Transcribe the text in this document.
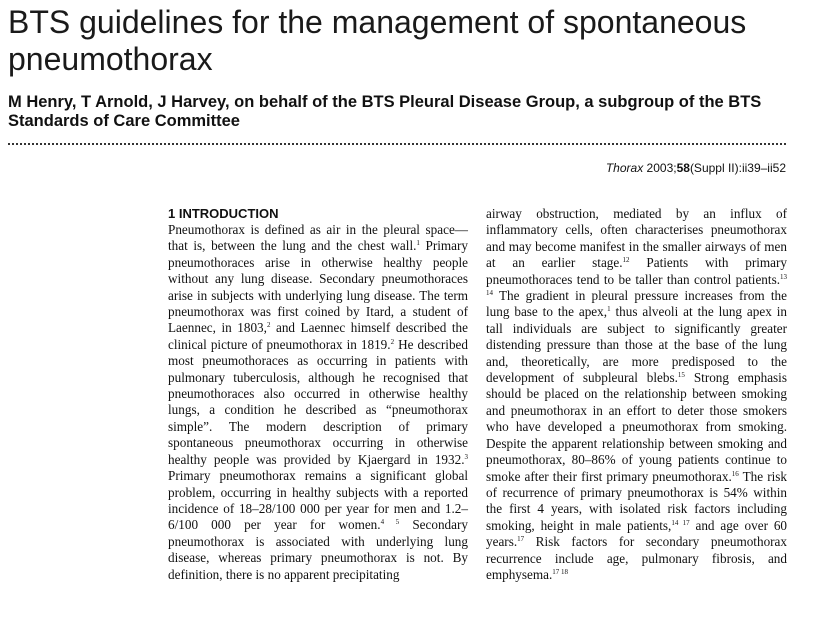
BTS guidelines for the management of spontaneous pneumothorax
M Henry, T Arnold, J Harvey, on behalf of the BTS Pleural Disease Group, a subgroup of the BTS Standards of Care Committee
Thorax 2003;58(Suppl II):ii39–ii52
1 INTRODUCTION

Pneumothorax is defined as air in the pleural space—that is, between the lung and the chest wall.$^1$ Primary pneumothoraces arise in otherwise healthy people without any lung disease. Secondary pneumothoraces arise in subjects with underlying lung disease. The term pneumothorax was first coined by Itard, a student of Laennec, in 1803,$^2$ and Laennec himself described the clinical picture of pneumothorax in 1819.$^2$ He described most pneumothoraces as occurring in patients with pulmonary tuberculosis, although he recognised that pneumothoraces also occurred in otherwise healthy lungs, a condition he described as “pneumothorax simple”. The modern description of primary spontaneous pneumothorax occurring in otherwise healthy people was provided by Kjaergard in 1932.$^3$ Primary pneumothorax remains a significant global problem, occurring in healthy subjects with a reported incidence of 18–28/100 000 per year for men and 1.2–6/100 000 per year for women.$^{4 5}$ Secondary pneumothorax is associated with underlying lung disease, whereas primary pneumothorax is not. By definition, there is no apparent precipitating

airway obstruction, mediated by an influx of inflammatory cells, often characterises pneumothorax and may become manifest in the smaller airways of men at an earlier stage.$^{12}$ Patients with primary pneumothoraces tend to be taller than control patients.$^{13 14}$ The gradient in pleural pressure increases from the lung base to the apex,$^1$ thus alveoli at the lung apex in tall individuals are subject to significantly greater distending pressure than those at the base of the lung and, theoretically, are more predisposed to the development of subpleural blebs.$^{15}$ Strong emphasis should be placed on the relationship between smoking and pneumothorax in an effort to deter those smokers who have developed a pneumothorax from smoking. Despite the apparent relationship between smoking and pneumothorax, 80–86% of young patients continue to smoke after their first primary pneumothorax.$^{16}$ The risk of recurrence of primary pneumothorax is 54% within the first 4 years, with isolated risk factors including smoking, height in male patients,$^{14 17}$ and age over 60 years.$^{17}$ Risk factors for secondary pneumothorax recurrence include age, pulmonary fibrosis, and emphysema.$^{17 18}$
